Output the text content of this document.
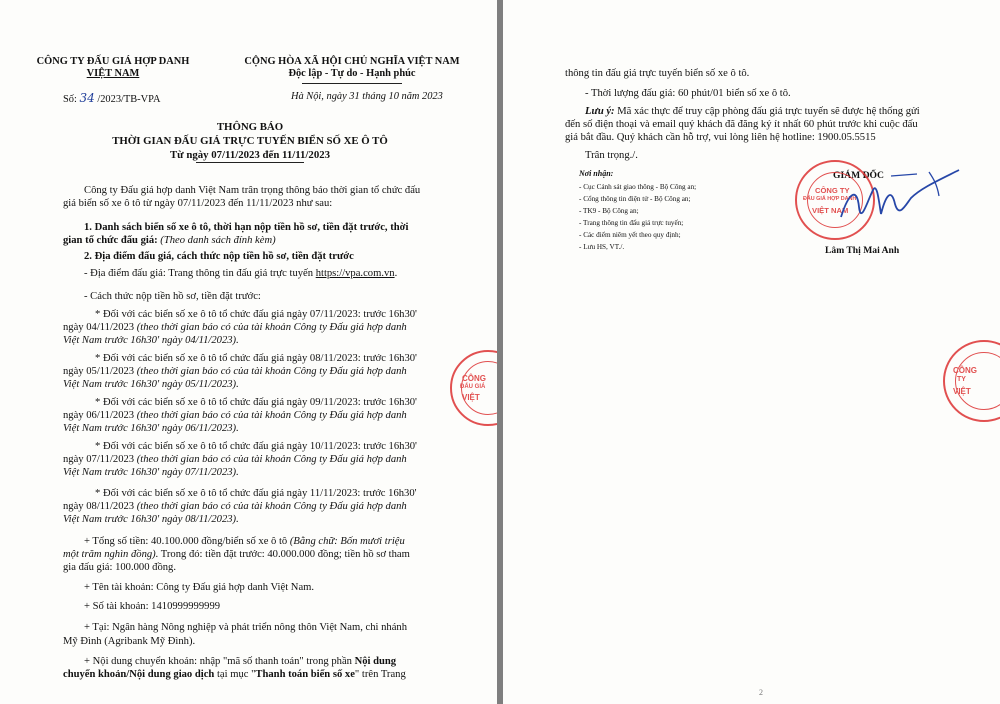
CÔNG TY ĐẤU GIÁ HỢP DANH
VIỆT NAM
CỘNG HÒA XÃ HỘI CHỦ NGHĨA VIỆT NAM
Độc lập - Tự do - Hạnh phúc
Số: 34 /2023/TB-VPA	Hà Nội, ngày 31 tháng 10 năm 2023
THÔNG BÁO
THỜI GIAN ĐẤU GIÁ TRỰC TUYẾN BIỂN SỐ XE Ô TÔ
Từ ngày 07/11/2023 đến 11/11/2023
Công ty Đấu giá hợp danh Việt Nam trân trọng thông báo thời gian tổ chức đấu
giá biển số xe ô tô từ ngày 07/11/2023 đến 11/11/2023 như sau:
1. Danh sách biển số xe ô tô, thời hạn nộp tiền hồ sơ, tiền đặt trước, thời
gian tổ chức đấu giá: (Theo danh sách đính kèm)
2. Địa điểm đấu giá, cách thức nộp tiền hồ sơ, tiền đặt trước
- Địa điểm đấu giá: Trang thông tin đấu giá trực tuyến https://vpa.com.vn.
- Cách thức nộp tiền hồ sơ, tiền đặt trước:
* Đối với các biển số xe ô tô tổ chức đấu giá ngày 07/11/2023: trước 16h30'
ngày 04/11/2023 (theo thời gian báo có của tài khoản Công ty Đấu giá hợp danh
Việt Nam trước 16h30' ngày 04/11/2023).
* Đối với các biển số xe ô tô tổ chức đấu giá ngày 08/11/2023: trước 16h30'
ngày 05/11/2023 (theo thời gian báo có của tài khoản Công ty Đấu giá hợp danh
Việt Nam trước 16h30' ngày 05/11/2023).
* Đối với các biển số xe ô tô tổ chức đấu giá ngày 09/11/2023: trước 16h30'
ngày 06/11/2023 (theo thời gian báo có của tài khoản Công ty Đấu giá hợp danh
Việt Nam trước 16h30' ngày 06/11/2023).
* Đối với các biển số xe ô tô tổ chức đấu giá ngày 10/11/2023: trước 16h30'
ngày 07/11/2023 (theo thời gian báo có của tài khoản Công ty Đấu giá hợp danh
Việt Nam trước 16h30' ngày 07/11/2023).
* Đối với các biển số xe ô tô tổ chức đấu giá ngày 11/11/2023: trước 16h30'
ngày 08/11/2023 (theo thời gian báo có của tài khoản Công ty Đấu giá hợp danh
Việt Nam trước 16h30' ngày 08/11/2023).
+ Tổng số tiền: 40.100.000 đồng/biển số xe ô tô (Bằng chữ: Bốn mươi triệu
một trăm nghìn đồng). Trong đó: tiền đặt trước: 40.000.000 đồng; tiền hồ sơ tham
gia đấu giá: 100.000 đồng.
+ Tên tài khoản: Công ty Đấu giá hợp danh Việt Nam.
+ Số tài khoản: 1410999999999
+ Tại: Ngân hàng Nông nghiệp và phát triển nông thôn Việt Nam, chi nhánh
Mỹ Đình (Agribank Mỹ Đình).
+ Nội dung chuyển khoản: nhập "mã số thanh toán" trong phần Nội dung
chuyển khoản/Nội dung giao dịch tại mục "Thanh toán biển số xe" trên Trang
CÔNG
ĐẤU GIÁ
VIỆT
thông tin đấu giá trực tuyến biển số xe ô tô.
- Thời lượng đấu giá: 60 phút/01 biển số xe ô tô.
Lưu ý: Mã xác thực để truy cập phòng đấu giá trực tuyến sẽ được hệ thống gửi
đến số điện thoại và email quý khách đã đăng ký ít nhất 60 phút trước khi cuộc đấu
giá bắt đầu. Quý khách cần hỗ trợ, vui lòng liên hệ hotline: 1900.05.5515
Trân trọng./.
Nơi nhận:
- Cục Cảnh sát giao thông - Bộ Công an;
- Cổng thông tin điện tử - Bộ Công an;
- TK9 - Bộ Công an;
- Trang thông tin đấu giá trực tuyến;
- Các điểm niêm yết theo quy định;
- Lưu HS, VT./.
GIÁM ĐỐC
CÔNG TY
ĐẤU GIÁ HỢP DANH
VIỆT NAM
Lâm Thị Mai Anh
CÔNG
TY
VIỆT
2
